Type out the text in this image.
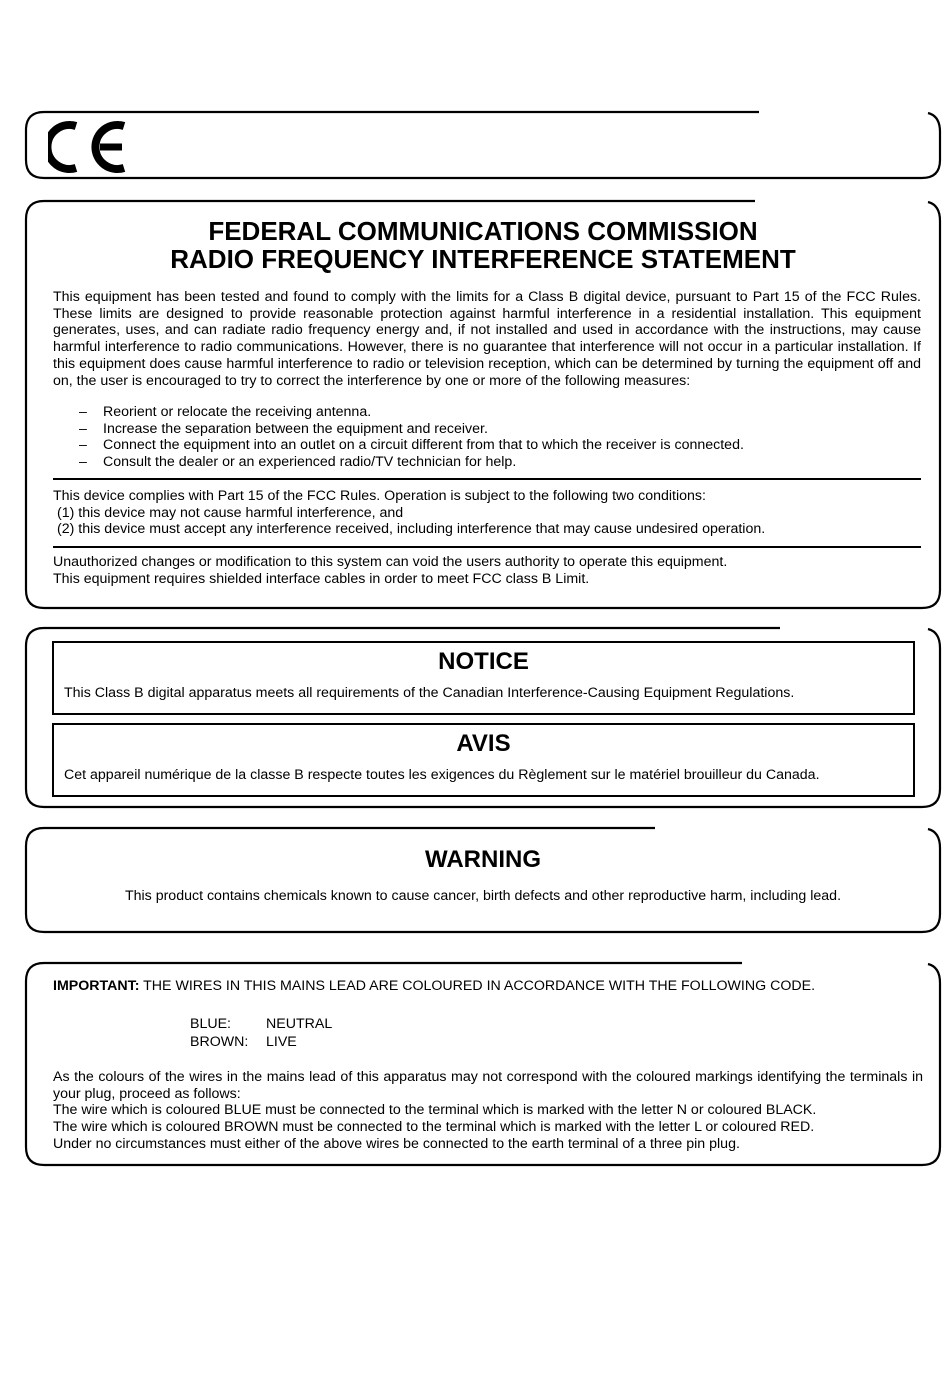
FEDERAL COMMUNICATIONS COMMISSION
RADIO FREQUENCY INTERFERENCE STATEMENT
This equipment has been tested and found to comply with the limits for a Class B digital device, pursuant to Part 15 of the FCC Rules. These limits are designed to provide reasonable protection against harmful interference in a residential installation. This equipment generates, uses, and can radiate radio frequency energy and, if not installed and used in accordance with the instructions, may cause harmful interference to radio communications. However, there is no guarantee that interference will not occur in a particular installation. If this equipment does cause harmful interference to radio or television reception, which can be determined by turning the equipment off and on, the user is encouraged to try to correct the interference by one or more of the following measures:
– Reorient or relocate the receiving antenna.
– Increase the separation between the equipment and receiver.
– Connect the equipment into an outlet on a circuit different from that to which the receiver is connected.
– Consult the dealer or an experienced radio/TV technician for help.
This device complies with Part 15 of the FCC Rules. Operation is subject to the following two conditions:
(1) this device may not cause harmful interference, and
(2) this device must accept any interference received, including interference that may cause undesired operation.
Unauthorized changes or modification to this system can void the users authority to operate this equipment.
This equipment requires shielded interface cables in order to meet FCC class B Limit.
NOTICE
This Class B digital apparatus meets all requirements of the Canadian Interference-Causing Equipment Regulations.
AVIS
Cet appareil numérique de la classe B respecte toutes les exigences du Règlement sur le matériel brouilleur du Canada.
WARNING
This product contains chemicals known to cause cancer, birth defects and other reproductive harm, including lead.
IMPORTANT: THE WIRES IN THIS MAINS LEAD ARE COLOURED IN ACCORDANCE WITH THE FOLLOWING CODE.
BLUE: NEUTRAL
BROWN: LIVE
As the colours of the wires in the mains lead of this apparatus may not correspond with the coloured markings identifying the terminals in your plug, proceed as follows:
The wire which is coloured BLUE must be connected to the terminal which is marked with the letter N or coloured BLACK.
The wire which is coloured BROWN must be connected to the terminal which is marked with the letter L or coloured RED.
Under no circumstances must either of the above wires be connected to the earth terminal of a three pin plug.
